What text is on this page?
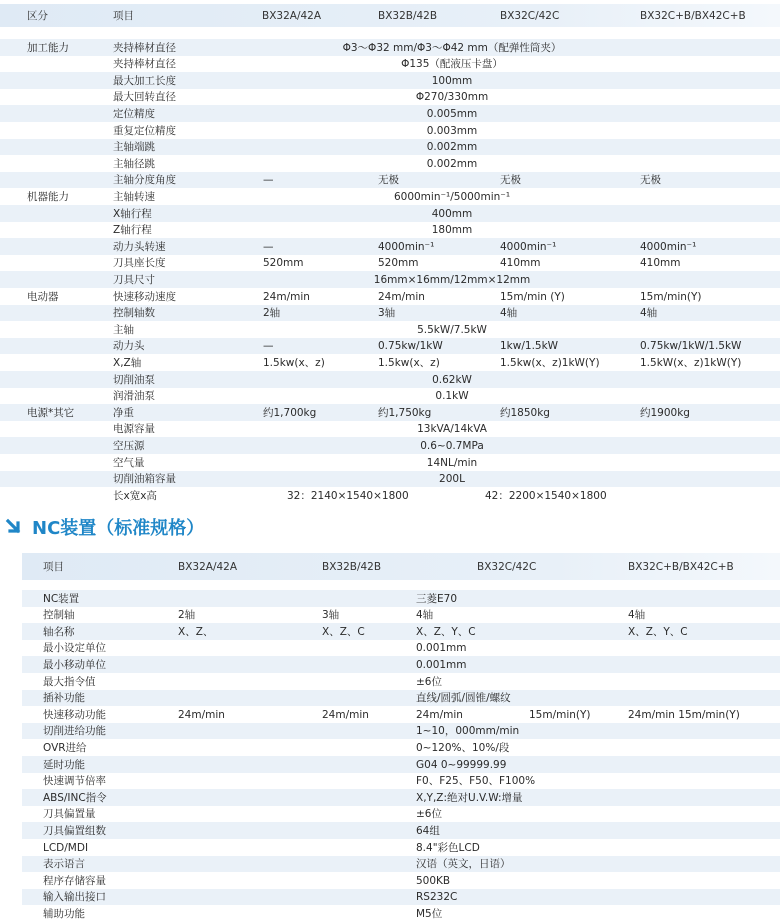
区分	项目	BX32A/42A	BX32B/42B	BX32C/42C	BX32C+B/BX42C+B
加工能力	夹持棒材直径	Φ3～Φ32 mm/Φ3～Φ42 mm（配弹性筒夹）
夹持棒材直径	Φ135（配液压卡盘）
最大加工长度	100mm
最大回转直径	Φ270/330mm
定位精度	0.005mm
重复定位精度	0.003mm
主轴端跳	0.002mm
主轴径跳	0.002mm
主轴分度角度	—	无极	无极	无极
机器能力	主轴转速	6000min⁻¹/5000min⁻¹
X轴行程	400mm
Z轴行程	180mm
动力头转速	—	4000min⁻¹	4000min⁻¹	4000min⁻¹
刀具座长度	520mm	520mm	410mm	410mm
刀具尺寸	16mm×16mm/12mm×12mm
电动器	快速移动速度	24m/min	24m/min	15m/min (Y)	15m/min(Y)
控制轴数	2轴	3轴	4轴	4轴
主轴	5.5kW/7.5kW
动力头	—	0.75kw/1kW	1kw/1.5kW	0.75kw/1kW/1.5kW
X,Z轴	1.5kw(x、z)	1.5kw(x、z)	1.5kw(x、z)1kW(Y)	1.5kW(x、z)1kW(Y)
切削油泵	0.62kW
润滑油泵	0.1kW
电源*其它	净重	约1,700kg	约1,750kg	约1850kg	约1900kg
电源容量	13kVA/14kVA
空压源	0.6~0.7MPa
空气量	14NL/min
切削油箱容量	200L
长x宽x高	32：2140×1540×1800	42：2200×1540×1800
NC装置（标准规格）
项目	BX32A/42A	BX32B/42B	BX32C/42C	BX32C+B/BX42C+B
NC装置	三菱E70
控制轴	2轴	3轴	4轴	4轴
轴名称	X、Z、	X、Z、C	X、Z、Y、C	X、Z、Y、C
最小设定单位	0.001mm
最小移动单位	0.001mm
最大指令值	±6位
插补功能	直线/圆弧/圆锥/螺纹
快速移动功能	24m/min	24m/min	24m/min	15m/min(Y)	24m/min 15m/min(Y)
切削进给功能	1~10，000mm/min
OVR进给	0~120%、10%/段
延时功能	G04 0~99999.99
快速调节倍率	F0、F25、F50、F100%
ABS/INC指令	X,Y,Z:绝对U.V.W:增量
刀具偏置量	±6位
刀具偏置组数	64组
LCD/MDI	8.4"彩色LCD
表示语言	汉语（英文，日语）
程序存储容量	500KB
输入输出接口	RS232C
辅助功能	M5位
